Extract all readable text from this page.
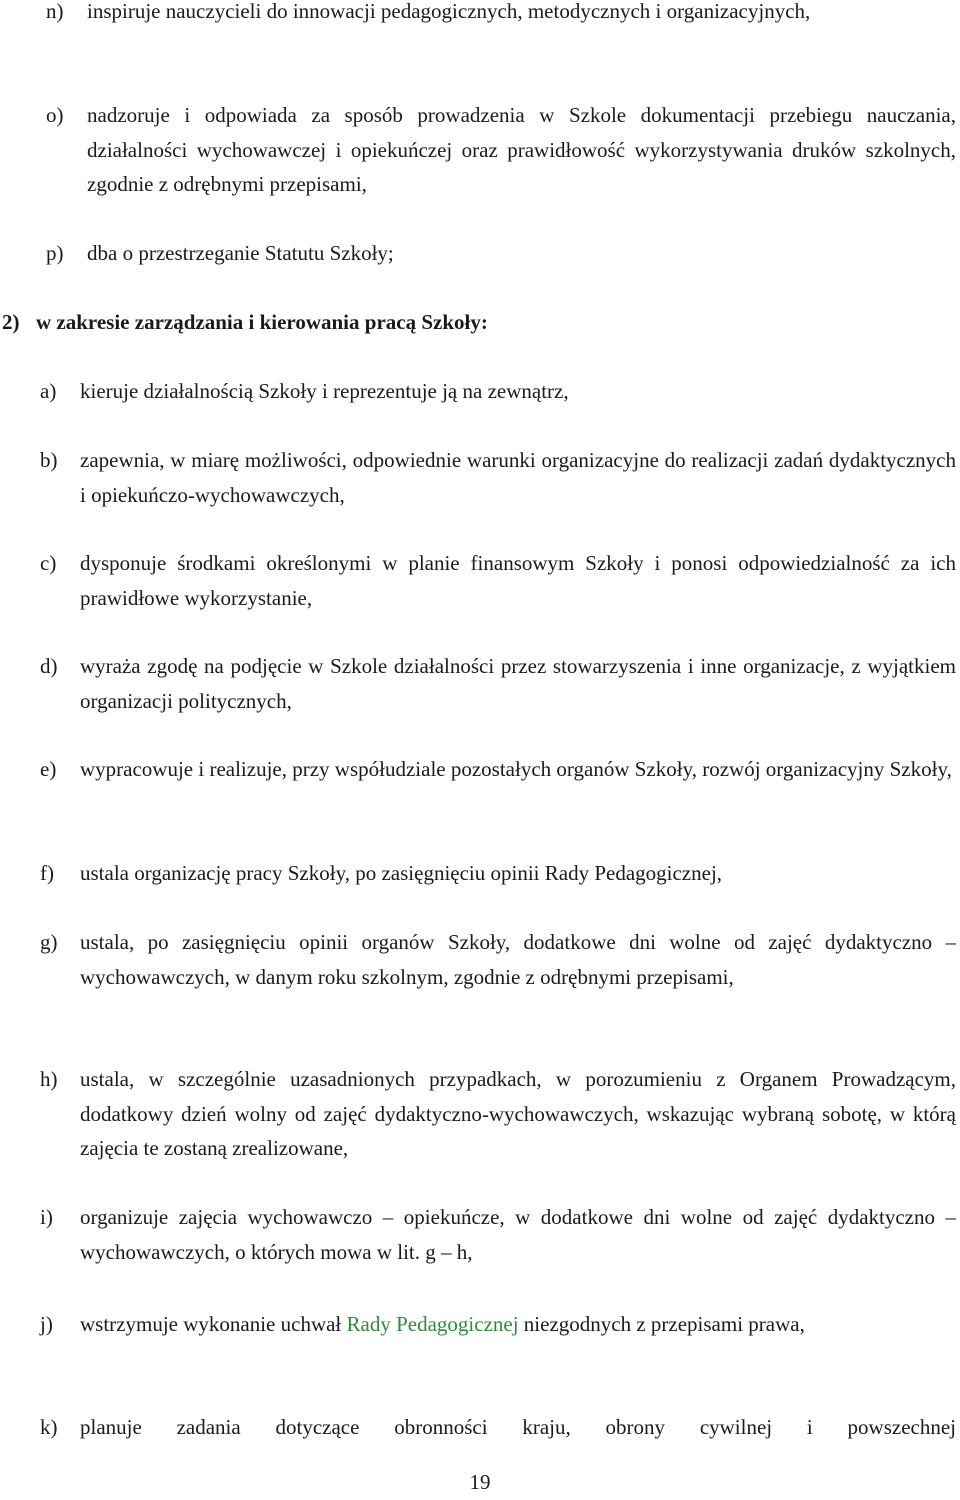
n) inspiruje nauczycieli do innowacji pedagogicznych, metodycznych i organizacyjnych,
o) nadzoruje i odpowiada za sposób prowadzenia w Szkole dokumentacji przebiegu nauczania, działalności wychowawczej i opiekuńczej oraz prawidłowość wykorzystywania druków szkolnych, zgodnie z odrębnymi przepisami,
p) dba o przestrzeganie Statutu Szkoły;
2) w zakresie zarządzania i kierowania pracą Szkoły:
a) kieruje działalnością Szkoły i reprezentuje ją na zewnątrz,
b) zapewnia, w miarę możliwości, odpowiednie warunki organizacyjne do realizacji zadań dydaktycznych i opiekuńczo-wychowawczych,
c) dysponuje środkami określonymi w planie finansowym Szkoły i ponosi odpowiedzialność za ich prawidłowe wykorzystanie,
d) wyraża zgodę na podjęcie w Szkole działalności przez stowarzyszenia i inne organizacje, z wyjątkiem organizacji politycznych,
e) wypracowuje i realizuje, przy współudziale pozostałych organów Szkoły, rozwój organizacyjny Szkoły,
f) ustala organizację pracy Szkoły, po zasięgnięciu opinii Rady Pedagogicznej,
g) ustala, po zasięgnięciu opinii organów Szkoły, dodatkowe dni wolne od zajęć dydaktyczno – wychowawczych, w danym roku szkolnym, zgodnie z odrębnymi przepisami,
h) ustala, w szczególnie uzasadnionych przypadkach, w porozumieniu z Organem Prowadzącym, dodatkowy dzień wolny od zajęć dydaktyczno-wychowawczych, wskazując wybraną sobotę, w którą zajęcia te zostaną zrealizowane,
i) organizuje zajęcia wychowawczo – opiekuńcze, w dodatkowe dni wolne od zajęć dydaktyczno – wychowawczych, o których mowa w lit. g – h,
j) wstrzymuje wykonanie uchwał Rady Pedagogicznej niezgodnych z przepisami prawa,
k) planuje zadania dotyczące obronności kraju, obrony cywilnej i powszechnej
19
